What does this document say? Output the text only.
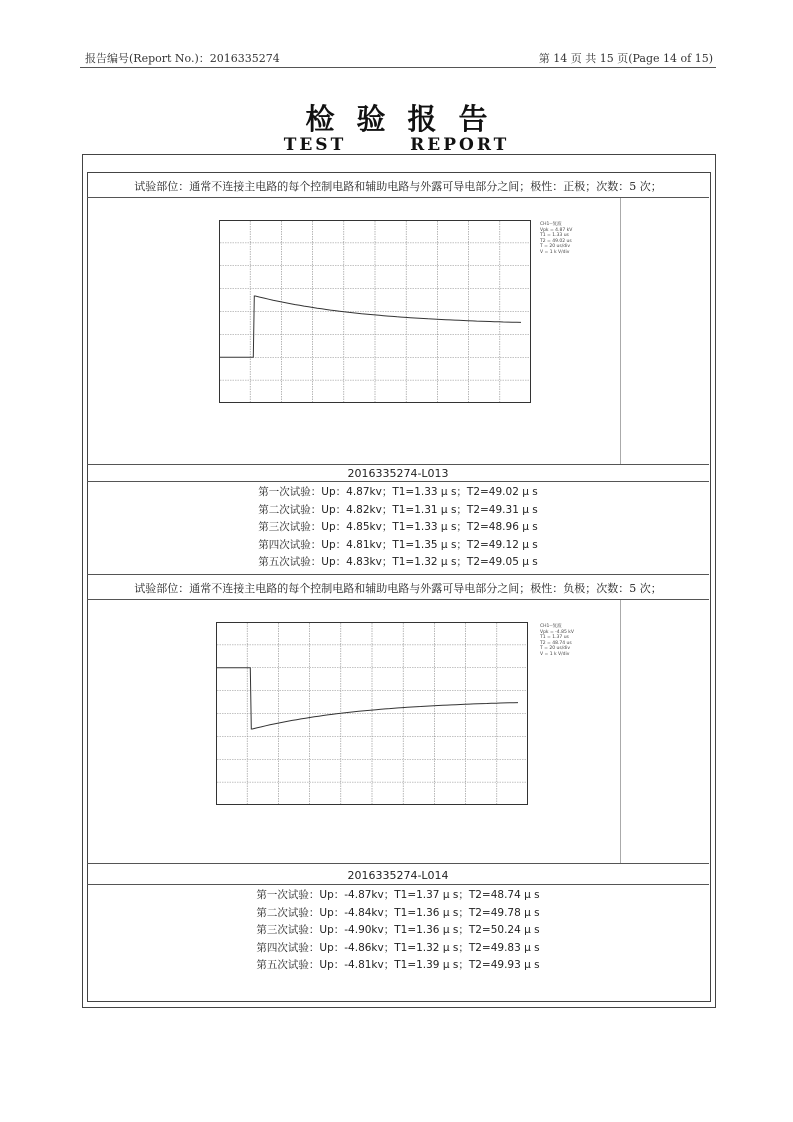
报告编号(Report No.)：2016335274	第 14 页 共 15 页(Page 14 of 15)
检验报告
TEST REPORT
试验部位：通常不连接主电路的每个控制电路和辅助电路与外露可导电部分之间；极性：正极；次数：5 次；
CH1--复波
Vpk = 4.87 kV
T1 = 1.33 us
T2 = 49.02 us
T = 20 us/div
V = 1 k V/div
2016335274-L013
第一次试验：Up：4.87kv；T1=1.33 μ s；T2=49.02 μ s
第二次试验：Up：4.82kv；T1=1.31 μ s；T2=49.31 μ s
第三次试验：Up：4.85kv；T1=1.33 μ s；T2=48.96 μ s
第四次试验：Up：4.81kv；T1=1.35 μ s；T2=49.12 μ s
第五次试验：Up：4.83kv；T1=1.32 μ s；T2=49.05 μ s
试验部位：通常不连接主电路的每个控制电路和辅助电路与外露可导电部分之间；极性：负极；次数：5 次；
CH1--复波
Vpk = -4.85 kV
T1 = 1.37 us
T2 = 48.74 us
T = 20 us/div
V = 1 k V/div
2016335274-L014
第一次试验：Up：-4.87kv；T1=1.37 μ s；T2=48.74 μ s
第二次试验：Up：-4.84kv；T1=1.36 μ s；T2=49.78 μ s
第三次试验：Up：-4.90kv；T1=1.36 μ s；T2=50.24 μ s
第四次试验：Up：-4.86kv；T1=1.32 μ s；T2=49.83 μ s
第五次试验：Up：-4.81kv；T1=1.39 μ s；T2=49.93 μ s
